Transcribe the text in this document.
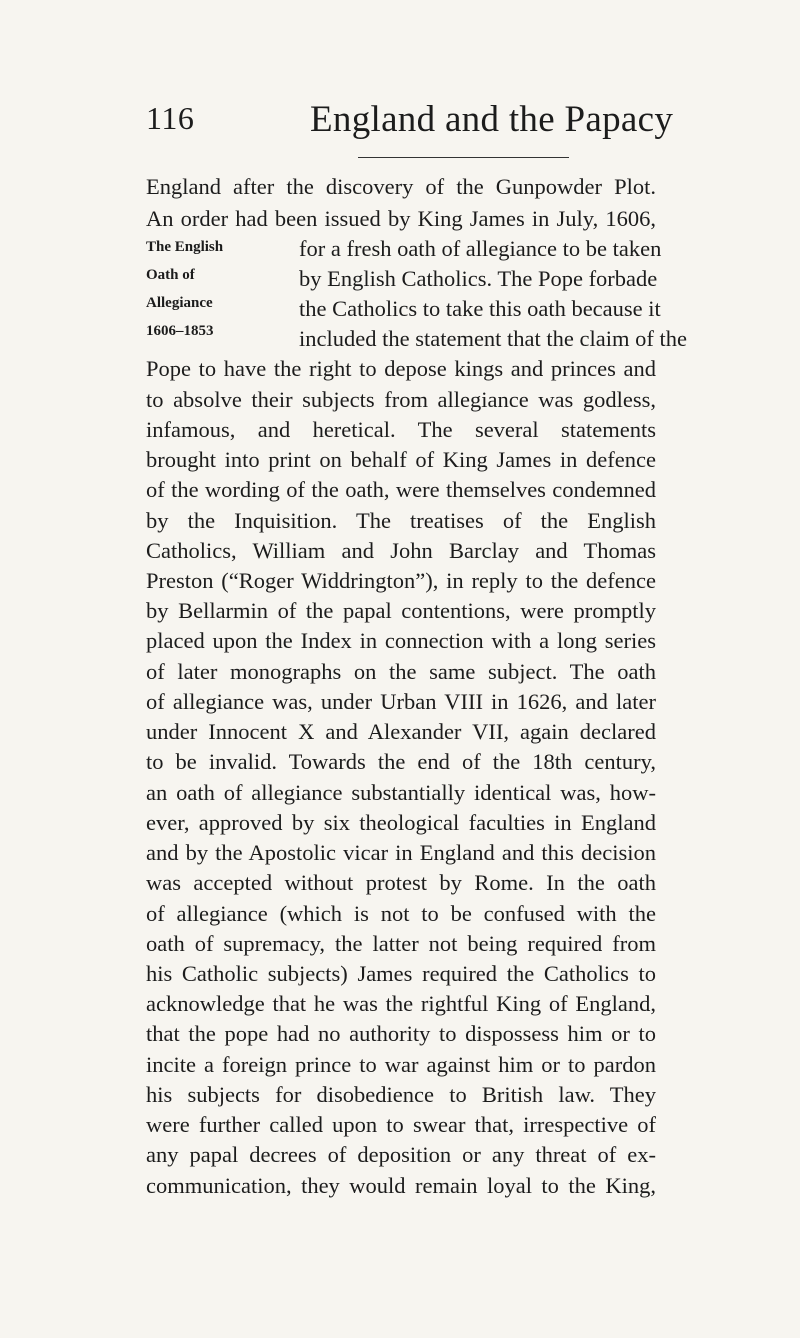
116	England and the Papacy
The English
Oath of
Allegiance
1606–1853
England after the discovery of the Gunpowder Plot.
An order had been issued by King James in July, 1606,
for a fresh oath of allegiance to be taken
by English Catholics. The Pope forbade
the Catholics to take this oath because it
included the statement that the claim of the
Pope to have the right to depose kings and princes and
to absolve their subjects from allegiance was godless,
infamous, and heretical. The several statements
brought into print on behalf of King James in defence
of the wording of the oath, were themselves condemned
by the Inquisition. The treatises of the English
Catholics, William and John Barclay and Thomas
Preston (“Roger Widdrington”), in reply to the defence
by Bellarmin of the papal contentions, were promptly
placed upon the Index in connection with a long series
of later monographs on the same subject. The oath
of allegiance was, under Urban VIII in 1626, and later
under Innocent X and Alexander VII, again declared
to be invalid. Towards the end of the 18th century,
an oath of allegiance substantially identical was, how-
ever, approved by six theological faculties in England
and by the Apostolic vicar in England and this decision
was accepted without protest by Rome. In the oath
of allegiance (which is not to be confused with the
oath of supremacy, the latter not being required from
his Catholic subjects) James required the Catholics to
acknowledge that he was the rightful King of England,
that the pope had no authority to dispossess him or to
incite a foreign prince to war against him or to pardon
his subjects for disobedience to British law. They
were further called upon to swear that, irrespective of
any papal decrees of deposition or any threat of ex-
communication, they would remain loyal to the King,
